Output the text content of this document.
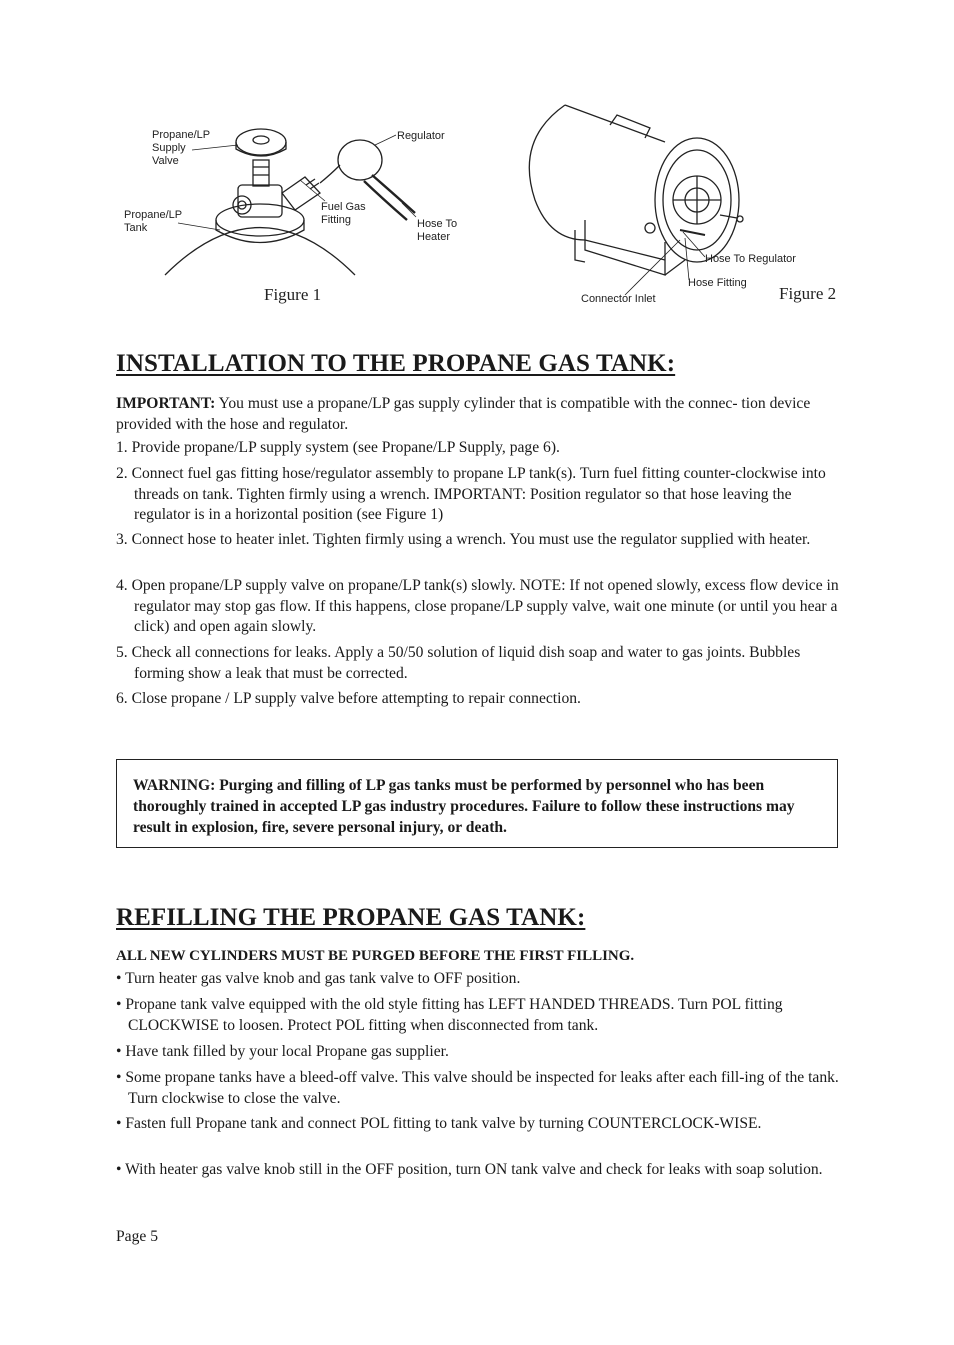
Propane/LP
Supply
Valve
Propane/LP
Tank
Fuel Gas
Fitting
Regulator
Hose To
Heater
Figure 1
Hose To Regulator
Hose Fitting
Connector Inlet	Figure 2
INSTALLATION TO THE PROPANE GAS TANK:
IMPORTANT: You must use a propane/LP gas supply cylinder that is compatible with the connec- tion device provided with the hose and regulator.
1. Provide propane/LP supply system (see Propane/LP Supply, page 6).
2. Connect fuel gas fitting hose/regulator assembly to propane LP tank(s). Turn fuel fitting counter-clockwise into threads on tank. Tighten firmly using a wrench. IMPORTANT: Position regulator so that hose leaving the regulator is in a horizontal position (see Figure 1)
3. Connect hose to heater inlet. Tighten firmly using a wrench. You must use the regulator supplied with heater.
4. Open propane/LP supply valve on propane/LP tank(s) slowly. NOTE: If not opened slowly, excess flow device in regulator may stop gas flow. If this happens, close propane/LP supply valve, wait one minute (or until you hear a click) and open again slowly.
5. Check all connections for leaks. Apply a 50/50 solution of liquid dish soap and water to gas joints. Bubbles forming show a leak that must be corrected.
6. Close propane / LP supply valve before attempting to repair connection.

WARNING: Purging and filling of LP gas tanks must be performed by personnel who has been thoroughly trained in accepted LP gas industry procedures. Failure to follow these instructions may result in explosion, fire, severe personal injury, or death.

REFILLING THE PROPANE GAS TANK:
ALL NEW CYLINDERS MUST BE PURGED BEFORE THE FIRST FILLING.
• Turn heater gas valve knob and gas tank valve to OFF position.
• Propane tank valve equipped with the old style fitting has LEFT HANDED THREADS. Turn POL fitting CLOCKWISE to loosen. Protect POL fitting when disconnected from tank.
• Have tank filled by your local Propane gas supplier.
• Some propane tanks have a bleed-off valve. This valve should be inspected for leaks after each fill-ing of the tank. Turn clockwise to close the valve.
• Fasten full Propane tank and connect POL fitting to tank valve by turning COUNTERCLOCK-WISE.
• With heater gas valve knob still in the OFF position, turn ON tank valve and check for leaks with soap solution.
Page 5
